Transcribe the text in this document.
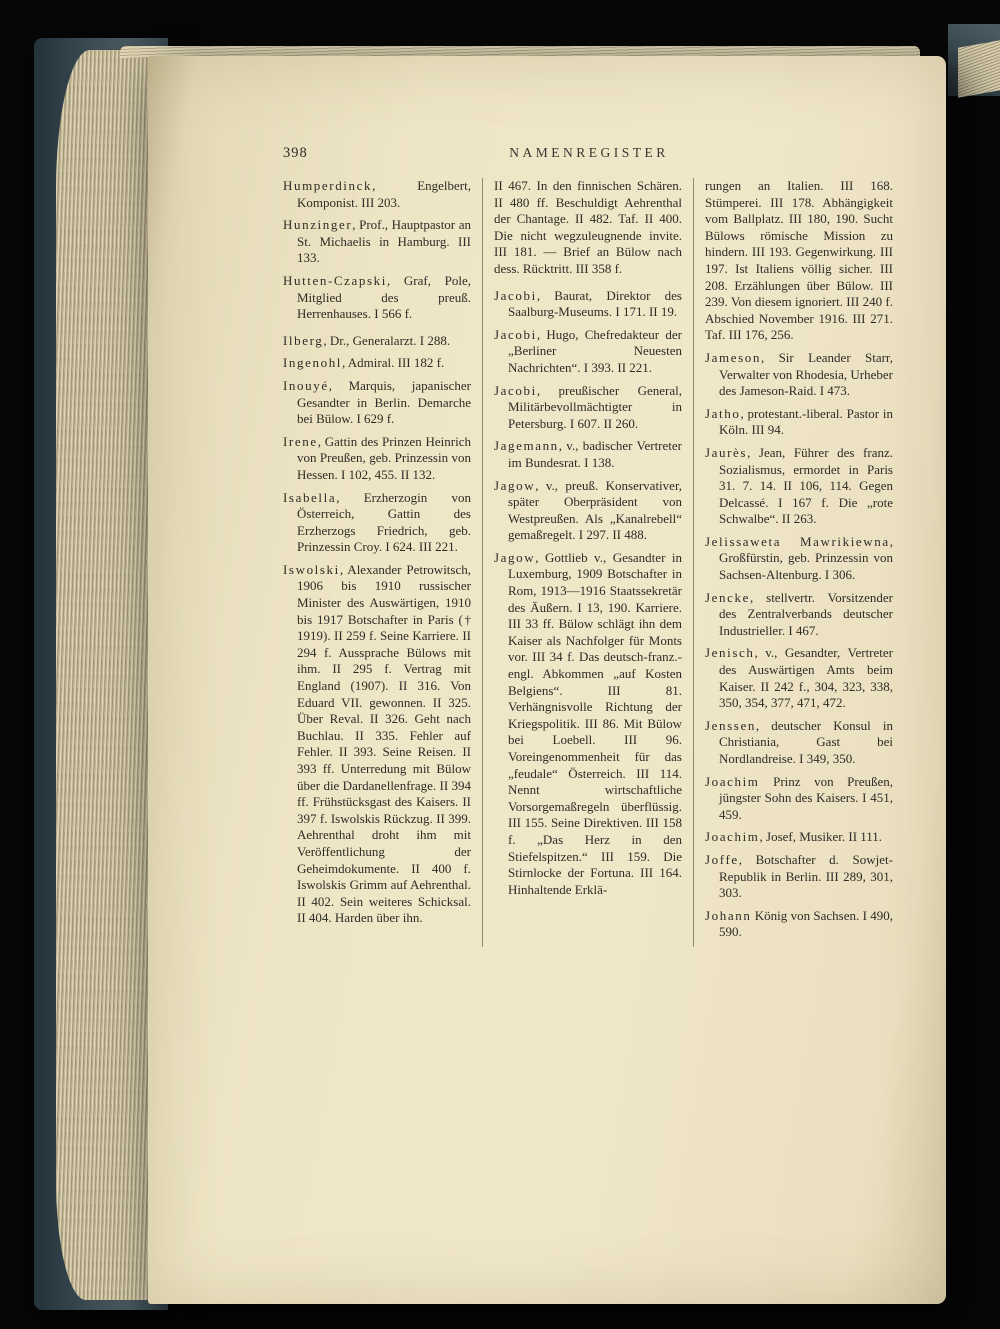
398	NAMENREGISTER

Humperdinck, Engelbert, Komponist. III 203.

Hunzinger, Prof., Hauptpastor an St. Michaelis in Hamburg. III 133.

Hutten-Czapski, Graf, Pole, Mitglied des preuß. Herrenhauses. I 566 f.

Ilberg, Dr., Generalarzt. I 288.

Ingenohl, Admiral. III 182 f.

Inouyé, Marquis, japanischer Gesandter in Berlin. Demarche bei Bülow. I 629 f.

Irene, Gattin des Prinzen Heinrich von Preußen, geb. Prinzessin von Hessen. I 102, 455. II 132.

Isabella, Erzherzogin von Österreich, Gattin des Erzherzogs Friedrich, geb. Prinzessin Croy. I 624. III 221.

Iswolski, Alexander Petrowitsch, 1906 bis 1910 russischer Minister des Auswärtigen, 1910 bis 1917 Botschafter in Paris († 1919). II 259 f. Seine Karriere. II 294 f. Aussprache Bülows mit ihm. II 295 f. Vertrag mit England (1907). II 316. Von Eduard VII. gewonnen. II 325. Über Reval. II 326. Geht nach Buchlau. II 335. Fehler auf Fehler. II 393. Seine Reisen. II 393 ff. Unterredung mit Bülow über die Dardanellenfrage. II 394 ff. Frühstücksgast des Kaisers. II 397 f. Iswolskis Rückzug. II 399. Aehrenthal droht ihm mit Veröffentlichung der Geheimdokumente. II 400 f. Iswolskis Grimm auf Aehrenthal. II 402. Sein weiteres Schicksal. II 404. Harden über ihn.

II 467. In den finnischen Schären. II 480 ff. Beschuldigt Aehrenthal der Chantage. II 482. Taf. II 400. Die nicht wegzuleugnende invite. III 181. — Brief an Bülow nach dess. Rücktritt. III 358 f.

Jacobi, Baurat, Direktor des Saalburg-Museums. I 171. II 19.

Jacobi, Hugo, Chefredakteur der „Berliner Neuesten Nachrichten“. I 393. II 221.

Jacobi, preußischer General, Militärbevollmächtigter in Petersburg. I 607. II 260.

Jagemann, v., badischer Vertreter im Bundesrat. I 138.

Jagow, v., preuß. Konservativer, später Oberpräsident von Westpreußen. Als „Kanalrebell“ gemaßregelt. I 297. II 488.

Jagow, Gottlieb v., Gesandter in Luxemburg, 1909 Botschafter in Rom, 1913—1916 Staatssekretär des Äußern. I 13, 190. Karriere. III 33 ff. Bülow schlägt ihn dem Kaiser als Nachfolger für Monts vor. III 34 f. Das deutsch-franz.-engl. Abkommen „auf Kosten Belgiens“. III 81. Verhängnisvolle Richtung der Kriegspolitik. III 86. Mit Bülow bei Loebell. III 96. Voreingenommenheit für das „feudale“ Österreich. III 114. Nennt wirtschaftliche Vorsorgemaßregeln überflüssig. III 155. Seine Direktiven. III 158 f. „Das Herz in den Stiefelspitzen.“ III 159. Die Stirnlocke der Fortuna. III 164. Hinhaltende Erklä-

rungen an Italien. III 168. Stümperei. III 178. Abhängigkeit vom Ballplatz. III 180, 190. Sucht Bülows römische Mission zu hindern. III 193. Gegenwirkung. III 197. Ist Italiens völlig sicher. III 208. Erzählungen über Bülow. III 239. Von diesem ignoriert. III 240 f. Abschied November 1916. III 271. Taf. III 176, 256.

Jameson, Sir Leander Starr, Verwalter von Rhodesia, Urheber des Jameson-Raid. I 473.

Jatho, protestant.-liberal. Pastor in Köln. III 94.

Jaurès, Jean, Führer des franz. Sozialismus, ermordet in Paris 31. 7. 14. II 106, 114. Gegen Delcassé. I 167 f. Die „rote Schwalbe“. II 263.

Jelissaweta Mawrikiewna, Großfürstin, geb. Prinzessin von Sachsen-Altenburg. I 306.

Jencke, stellvertr. Vorsitzender des Zentralverbands deutscher Industrieller. I 467.

Jenisch, v., Gesandter, Vertreter des Auswärtigen Amts beim Kaiser. II 242 f., 304, 323, 338, 350, 354, 377, 471, 472.

Jenssen, deutscher Konsul in Christiania, Gast bei Nordlandreise. I 349, 350.

Joachim Prinz von Preußen, jüngster Sohn des Kaisers. I 451, 459.

Joachim, Josef, Musiker. II 111.

Joffe, Botschafter d. Sowjet-Republik in Berlin. III 289, 301, 303.

Johann König von Sachsen. I 490, 590.
